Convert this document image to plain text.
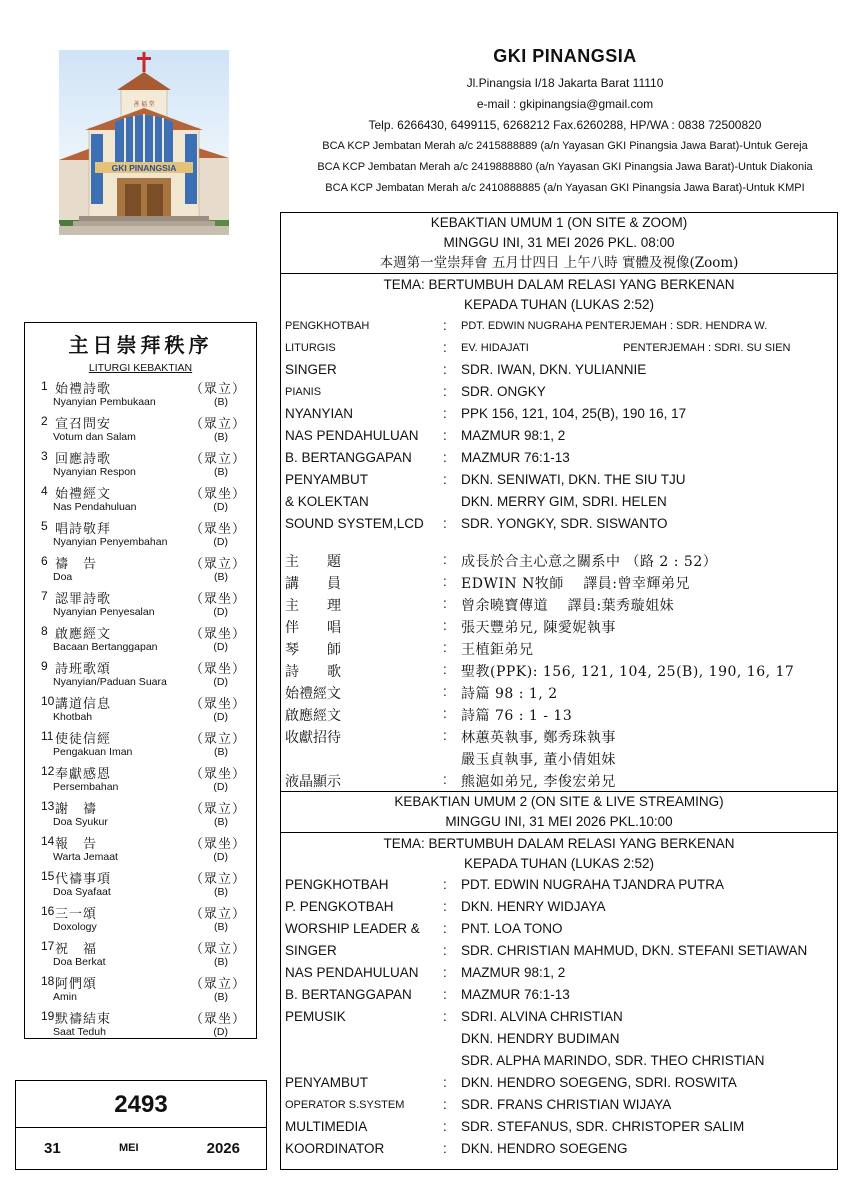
善 福 堂
GKI PINANGSIA
GKI PINANGSIA
Jl.Pinangsia I/18 Jakarta Barat 11110
e-mail : gkipinangsia@gmail.com
Telp. 6266430, 6499115, 6268212 Fax.6260288, HP/WA : 0838 72500820
BCA KCP Jembatan Merah a/c 2415888889 (a/n Yayasan GKI Pinangsia Jawa Barat)-Untuk Gereja
BCA KCP Jembatan Merah a/c 2419888880 (a/n Yayasan GKI Pinangsia Jawa Barat)-Untuk Diakonia
BCA KCP Jembatan Merah a/c 2410888885 (a/n Yayasan GKI Pinangsia Jawa Barat)-Untuk KMPI
主日崇拜秩序
LITURGI KEBAKTIAN
1 始禮詩歌	（眾立）
Nyanyian Pembukaan	(B)
2 宣召問安	（眾立）
Votum dan Salam	(B)
3 回應詩歌	（眾立）
Nyanyian Respon	(B)
4 始禮經文	（眾坐）
Nas Pendahuluan	(D)
5 唱詩敬拜	（眾坐）
Nyanyian Penyembahan	(D)
6 禱　告	（眾立）
Doa	(B)
7 認罪詩歌	（眾坐）
Nyanyian Penyesalan	(D)
8 啟應經文	（眾坐）
Bacaan Bertanggapan	(D)
9 詩班歌頌	（眾坐）
Nyanyian/Paduan Suara	(D)
10 講道信息	（眾坐）
Khotbah	(D)
11 使徒信經	（眾立）
Pengakuan Iman	(B)
12 奉獻感恩	（眾坐）
Persembahan	(D)
13 謝　禱	（眾立）
Doa Syukur	(B)
14 報　告	（眾坐）
Warta Jemaat	(D)
15 代禱事項	（眾立）
Doa Syafaat	(B)
16 三一頌	（眾立）
Doxology	(B)
17 祝　福	（眾立）
Doa Berkat	(B)
18 阿們頌	（眾立）
Amin	(B)
19 默禱結束	（眾坐）
Saat Teduh	(D)
2493
31	MEI	2026
KEBAKTIAN UMUM 1 (ON SITE & ZOOM)
MINGGU INI, 31 MEI 2026 PKL. 08:00
本週第一堂崇拜會 五月廿四日 上午八時 實體及視像(Zoom)
TEMA: BERTUMBUH DALAM RELASI YANG BERKENAN
KEPADA TUHAN (LUKAS 2:52)
PENGKHOTBAH	: PDT. EDWIN NUGRAHA PENTERJEMAH : SDR. HENDRA W.
LITURGIS	: EV. HIDAJATI	PENTERJEMAH : SDRI. SU SIEN
SINGER	: SDR. IWAN, DKN. YULIANNIE
PIANIS	: SDR. ONGKY
NYANYIAN	: PPK 156, 121, 104, 25(B), 190 16, 17
NAS PENDAHULUAN : MAZMUR 98:1, 2
B. BERTANGGAPAN : MAZMUR 76:1-13
PENYAMBUT	: DKN. SENIWATI, DKN. THE SIU TJU
& KOLEKTAN	DKN. MERRY GIM, SDRI. HELEN
SOUND SYSTEM,LCD : SDR. YONGKY, SDR. SISWANTO
主　　題	: 成長於合主心意之關系中 （路 2 : 52）
講　　員	: EDWIN N牧師　 譯員:曾幸輝弟兄
主　　理	: 曾余曉寶傳道　 譯員:葉秀璇姐妹
伴　　唱	: 張天豐弟兄, 陳愛妮執事
琴　　師	: 王植鉅弟兄
詩　　歌	: 聖教(PPK): 156, 121, 104, 25(B), 190, 16, 17
始禮經文	: 詩篇 98 : 1, 2
啟應經文	: 詩篇 76 : 1 - 13
收獻招待	: 林蕙英執事, 鄭秀珠執事
嚴玉貞執事, 董小倩姐妹
液晶顯示	: 熊滬如弟兄, 李俊宏弟兄
KEBAKTIAN UMUM 2 (ON SITE & LIVE STREAMING)
MINGGU INI, 31 MEI 2026 PKL.10:00
TEMA: BERTUMBUH DALAM RELASI YANG BERKENAN
KEPADA TUHAN (LUKAS 2:52)
PENGKHOTBAH	: PDT. EDWIN NUGRAHA TJANDRA PUTRA
P. PENGKOTBAH	: DKN. HENRY WIDJAYA
WORSHIP LEADER & : PNT. LOA TONO
SINGER	: SDR. CHRISTIAN MAHMUD, DKN. STEFANI SETIAWAN
NAS PENDAHULUAN : MAZMUR 98:1, 2
B. BERTANGGAPAN : MAZMUR 76:1-13
PEMUSIK	: SDRI. ALVINA CHRISTIAN
DKN. HENDRY BUDIMAN
SDR. ALPHA MARINDO, SDR. THEO CHRISTIAN
PENYAMBUT	: DKN. HENDRO SOEGENG, SDRI. ROSWITA
OPERATOR S.SYSTEM	: SDR. FRANS CHRISTIAN WIJAYA
MULTIMEDIA	: SDR. STEFANUS, SDR. CHRISTOPER SALIM
KOORDINATOR	: DKN. HENDRO SOEGENG
